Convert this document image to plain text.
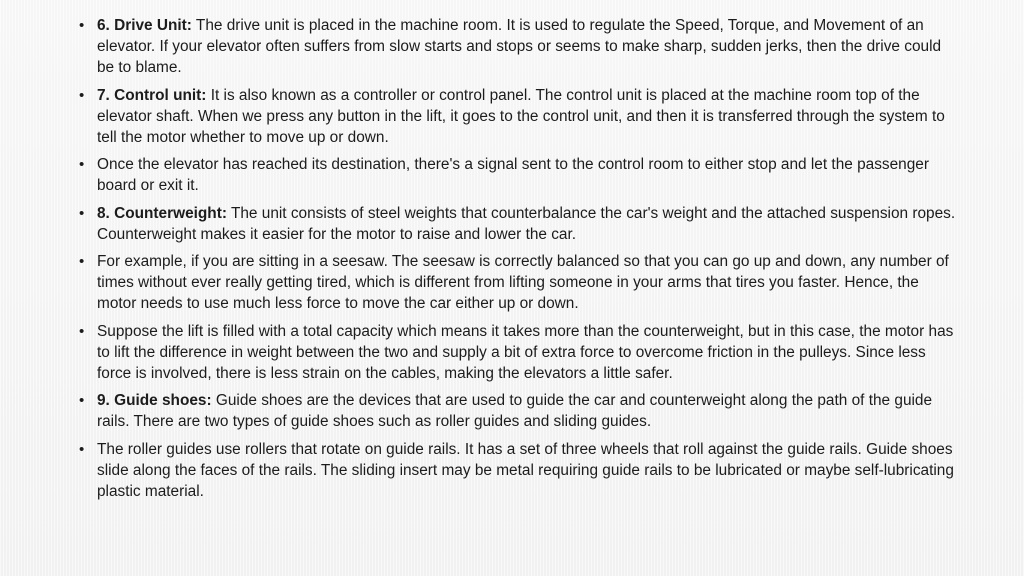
• 6. Drive Unit: The drive unit is placed in the machine room. It is used to regulate the Speed, Torque, and Movement of an elevator. If your elevator often suffers from slow starts and stops or seems to make sharp, sudden jerks, then the drive could be to blame.
• 7. Control unit: It is also known as a controller or control panel. The control unit is placed at the machine room top of the elevator shaft. When we press any button in the lift, it goes to the control unit, and then it is transferred through the system to tell the motor whether to move up or down.
• Once the elevator has reached its destination, there's a signal sent to the control room to either stop and let the passenger board or exit it.
• 8. Counterweight: The unit consists of steel weights that counterbalance the car's weight and the attached suspension ropes. Counterweight makes it easier for the motor to raise and lower the car.
• For example, if you are sitting in a seesaw. The seesaw is correctly balanced so that you can go up and down, any number of times without ever really getting tired, which is different from lifting someone in your arms that tires you faster. Hence, the motor needs to use much less force to move the car either up or down.
• Suppose the lift is filled with a total capacity which means it takes more than the counterweight, but in this case, the motor has to lift the difference in weight between the two and supply a bit of extra force to overcome friction in the pulleys. Since less force is involved, there is less strain on the cables, making the elevators a little safer.
• 9. Guide shoes: Guide shoes are the devices that are used to guide the car and counterweight along the path of the guide rails. There are two types of guide shoes such as roller guides and sliding guides.
• The roller guides use rollers that rotate on guide rails. It has a set of three wheels that roll against the guide rails. Guide shoes slide along the faces of the rails. The sliding insert may be metal requiring guide rails to be lubricated or maybe self-lubricating plastic material.
